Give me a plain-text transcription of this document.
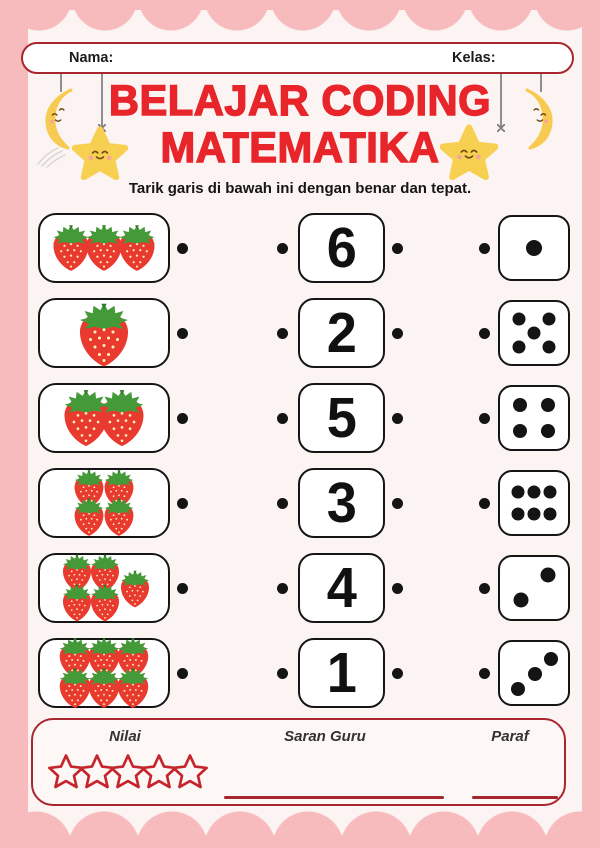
Nama:	Kelas:
BELAJAR CODING
MATEMATIKA
Tarik garis di bawah ini dengan benar dan tepat.
6
2
5
3
4
1
Nilai	Saran Guru	Paraf
